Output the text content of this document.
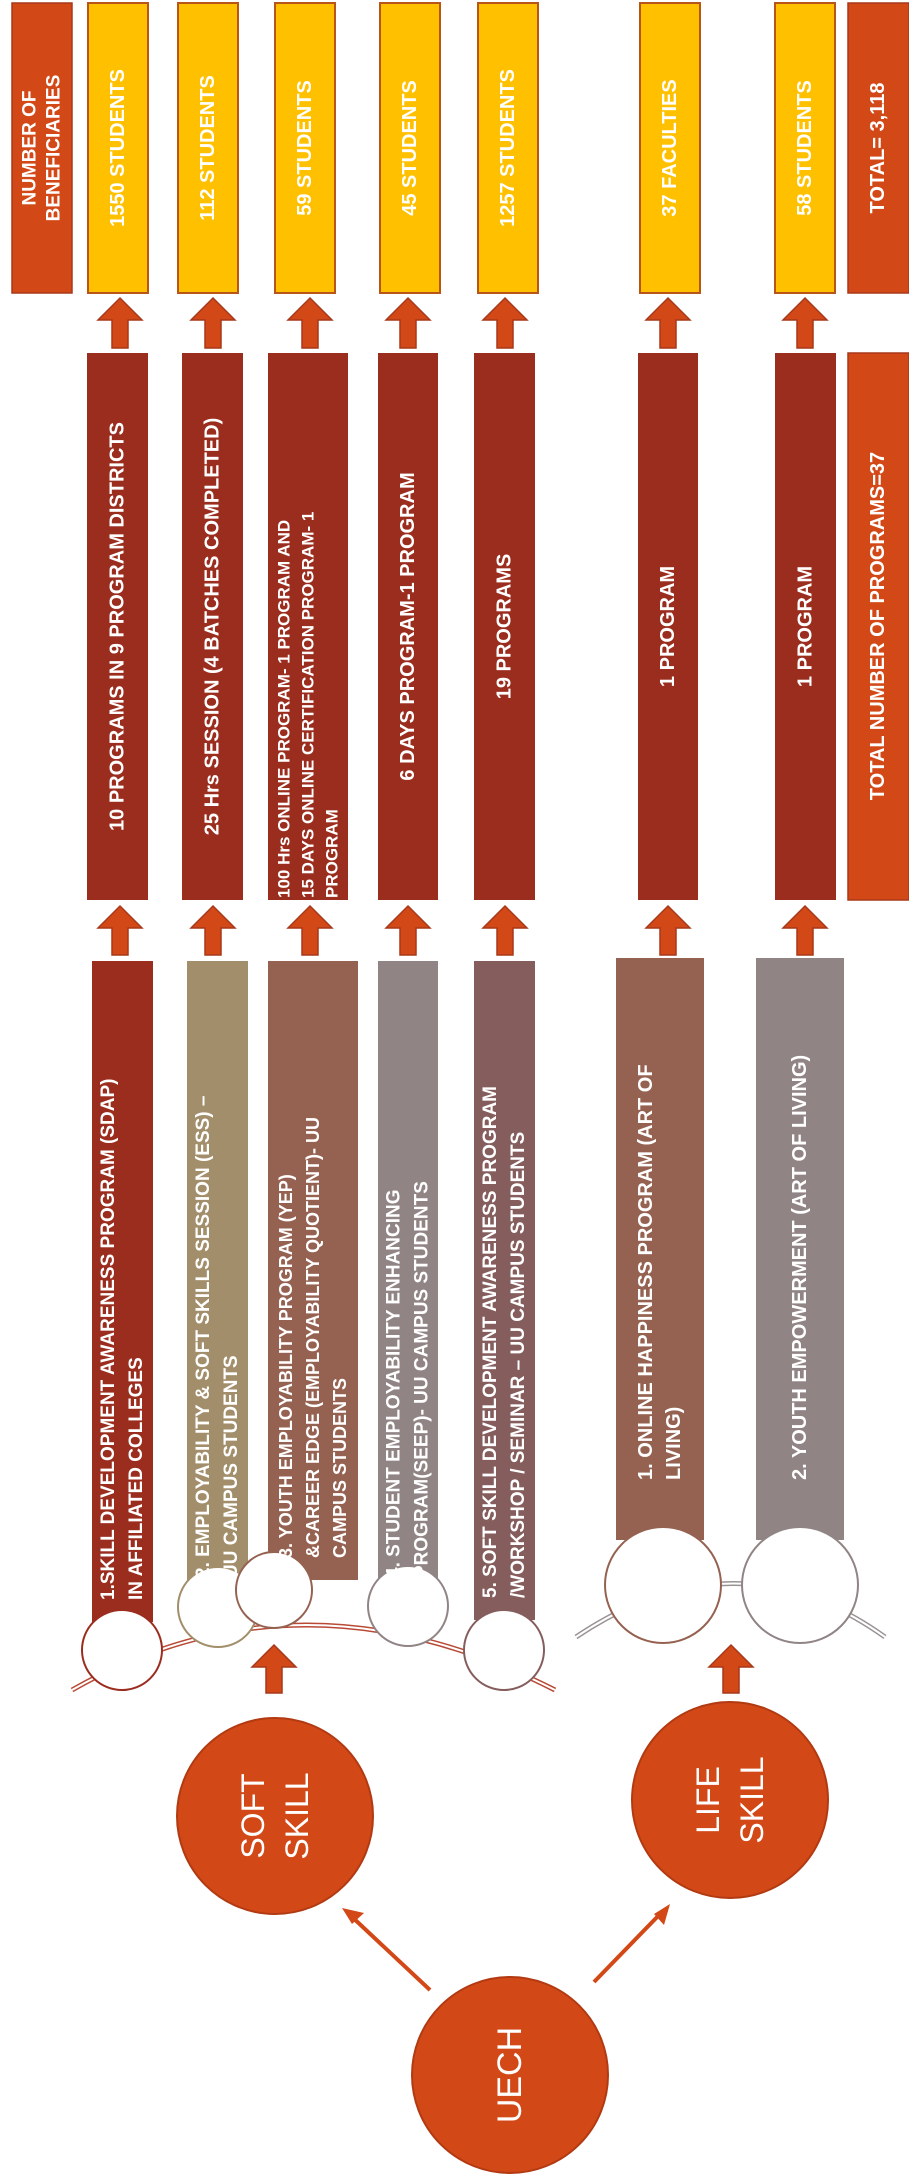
UECH
SOFT SKILL	LIFE SKILL
1.SKILL DEVELOPMENT AWARENESS PROGRAM (SDAP) IN AFFILIATED COLLEGES
10 PROGRAMS IN 9 PROGRAM DISTRICTS
1550 STUDENTS
2. EMPLOYABILITY & SOFT SKILLS SESSION (ESS) – UU CAMPUS STUDENTS
25 Hrs SESSION (4 BATCHES COMPLETED)
112 STUDENTS
3. YOUTH EMPLOYABILITY PROGRAM (YEP) &CAREER EDGE (EMPLOYABILITY QUOTIENT)- UU CAMPUS STUDENTS
100 Hrs ONLINE PROGRAM- 1 PROGRAM AND 15 DAYS ONLINE CERTIFICATION PROGRAM- 1 PROGRAM
59 STUDENTS
4. STUDENT EMPLOYABILITY ENHANCING PROGRAM(SEEP)- UU CAMPUS STUDENTS
6 DAYS PROGRAM-1 PROGRAM
45 STUDENTS
5. SOFT SKILL DEVELOPMENT AWARENESS PROGRAM /WORKSHOP / SEMINAR – UU CAMPUS STUDENTS
19 PROGRAMS
1257 STUDENTS
1. ONLINE HAPPINESS PROGRAM (ART OF LIVING)
1 PROGRAM
37 FACULTIES
2. YOUTH EMPOWERMENT (ART OF LIVING)
1 PROGRAM
58 STUDENTS
NUMBER OF BENEFICIARIES
TOTAL NUMBER OF PROGRAMS=37
TOTAL= 3,118
